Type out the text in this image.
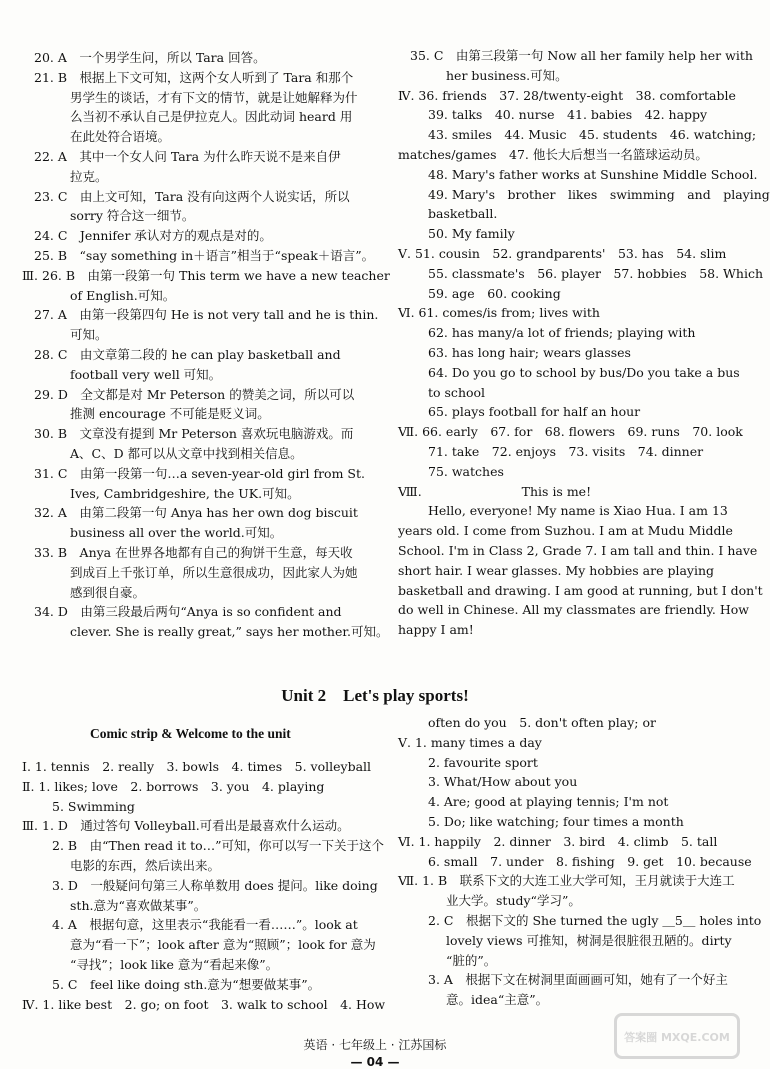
20. A　一个男学生问，所以 Tara 回答。
21. B　根据上下文可知，这两个女人听到了 Tara 和那个
男学生的谈话，才有下文的情节，就是让她解释为什
么当初不承认自己是伊拉克人。因此动词 heard 用
在此处符合语境。
22. A　其中一个女人问 Tara 为什么昨天说不是来自伊
拉克。
23. C　由上文可知，Tara 没有向这两个人说实话，所以
sorry 符合这一细节。
24. C　Jennifer 承认对方的观点是对的。
25. B　“say something in＋语言”相当于“speak＋语言”。
Ⅲ. 26. B　由第一段第一句 This term we have a new teacher
of English.可知。
27. A　由第一段第四句 He is not very tall and he is thin.
可知。
28. C　由文章第二段的 he can play basketball and
football very well 可知。
29. D　全文都是对 Mr Peterson 的赞美之词，所以可以
推测 encourage 不可能是贬义词。
30. B　文章没有提到 Mr Peterson 喜欢玩电脑游戏。而
A、C、D 都可以从文章中找到相关信息。
31. C　由第一段第一句…a seven-year-old girl from St.
Ives, Cambridgeshire, the UK.可知。
32. A　由第二段第一句 Anya has her own dog biscuit
business all over the world.可知。
33. B　Anya 在世界各地都有自己的狗饼干生意，每天收
到成百上千张订单，所以生意很成功，因此家人为她
感到很自豪。
34. D　由第三段最后两句“Anya is so confident and
clever. She is really great,” says her mother.可知。
35. C　由第三段第一句 Now all her family help her with
her business.可知。
Ⅳ. 36. friends　37. 28/twenty-eight　38. comfortable
39. talks　40. nurse　41. babies　42. happy
43. smiles　44. Music　45. students　46. watching;
matches/games　47. 他长大后想当一名篮球运动员。
48. Mary's father works at Sunshine Middle School.
49. Mary's　brother　likes　swimming　and　playing
basketball.
50. My family
Ⅴ. 51. cousin　52. grandparents'　53. has　54. slim
55. classmate's　56. player　57. hobbies　58. Which
59. age　60. cooking
Ⅵ. 61. comes/is from; lives with
62. has many/a lot of friends; playing with
63. has long hair; wears glasses
64. Do you go to school by bus/Do you take a bus
to school
65. plays football for half an hour
Ⅶ. 66. early　67. for　68. flowers　69. runs　70. look
71. take　72. enjoys　73. visits　74. dinner
75. watches
Ⅷ.　　　　　　　　This is me!
Hello, everyone! My name is Xiao Hua. I am 13
years old. I come from Suzhou. I am at Mudu Middle
School. I'm in Class 2, Grade 7. I am tall and thin. I have
short hair. I wear glasses. My hobbies are playing
basketball and drawing. I am good at running, but I don't
do well in Chinese. All my classmates are friendly. How
happy I am!
Unit 2　Let's play sports!
Comic strip & Welcome to the unit
Ⅰ. 1. tennis　2. really　3. bowls　4. times　5. volleyball
Ⅱ. 1. likes; love　2. borrows　3. you　4. playing
5. Swimming
Ⅲ. 1. D　通过答句 Volleyball.可看出是最喜欢什么运动。
2. B　由“Then read it to…”可知，你可以写一下关于这个
电影的东西，然后读出来。
3. D　一般疑问句第三人称单数用 does 提问。like doing
sth.意为“喜欢做某事”。
4. A　根据句意，这里表示“我能看一看……”。look at
意为“看一下”；look after 意为“照顾”；look for 意为
“寻找”；look like 意为“看起来像”。
5. C　feel like doing sth.意为“想要做某事”。
Ⅳ. 1. like best　2. go; on foot　3. walk to school　4. How
often do you　5. don't often play; or
Ⅴ. 1. many times a day
2. favourite sport
3. What/How about you
4. Are; good at playing tennis; I'm not
5. Do; like watching; four times a month
Ⅵ. 1. happily　2. dinner　3. bird　4. climb　5. tall
6. small　7. under　8. fishing　9. get　10. because
Ⅶ. 1. B　联系下文的大连工业大学可知，王月就读于大连工
业大学。study“学习”。
2. C　根据下文的 She turned the ugly ＿5＿ holes into
lovely views 可推知，树洞是很脏很丑陋的。dirty
“脏的”。
3. A　根据下文在树洞里面画画可知，她有了一个好主
意。idea“主意”。
英语 · 七年级上 · 江苏国标
— 04 —
答案圈 MXQE.COM
